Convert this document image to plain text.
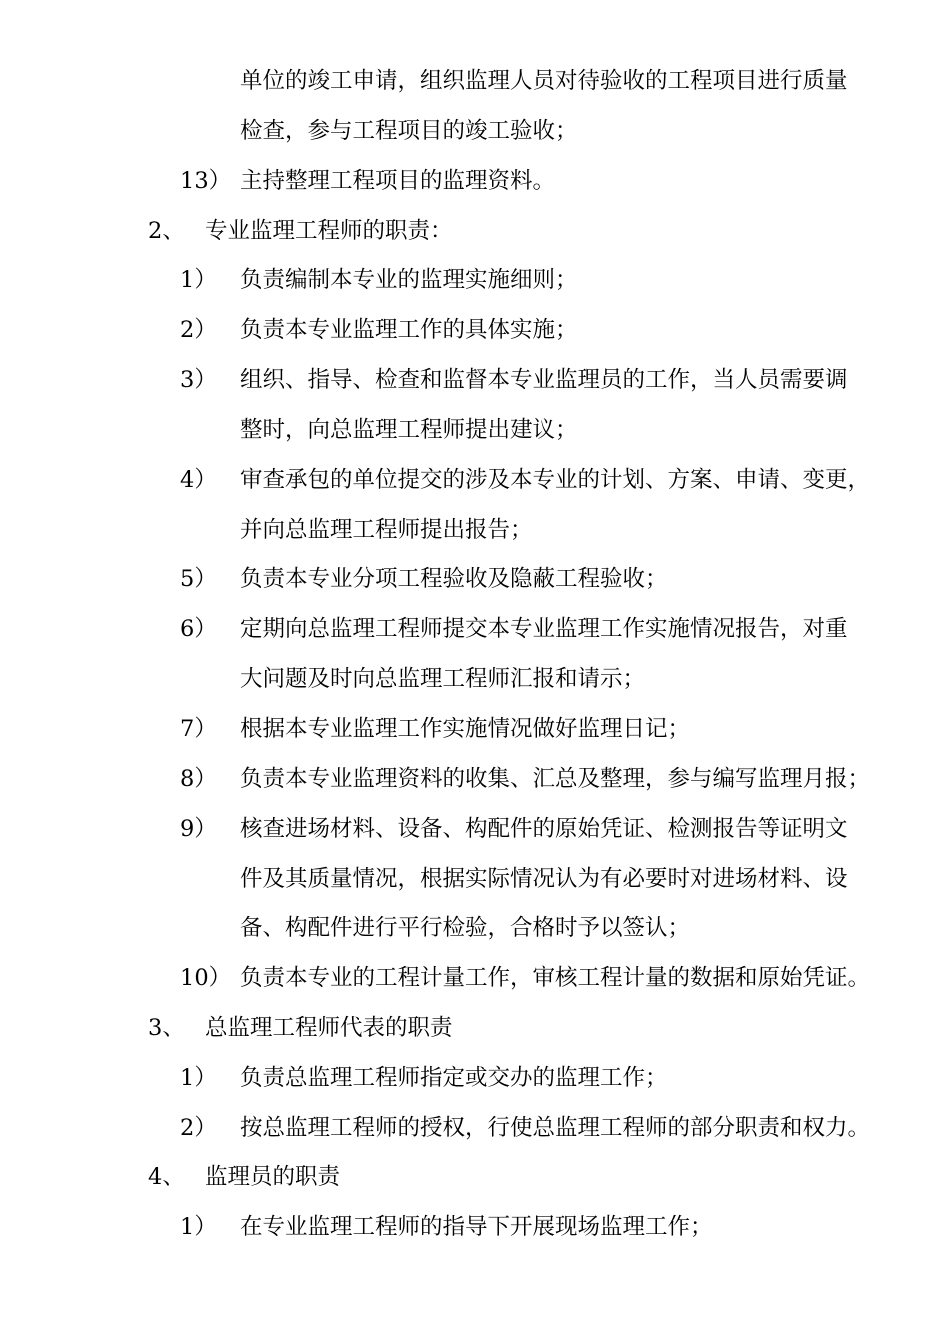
单位的竣工申请，组织监理人员对待验收的工程项目进行质量
检查，参与工程项目的竣工验收；
13） 主持整理工程项目的监理资料。
2、 专业监理工程师的职责：
1） 负责编制本专业的监理实施细则；
2） 负责本专业监理工作的具体实施；
3） 组织、指导、检查和监督本专业监理员的工作，当人员需要调
整时，向总监理工程师提出建议；
4） 审查承包的单位提交的涉及本专业的计划、方案、申请、变更，
并向总监理工程师提出报告；
5） 负责本专业分项工程验收及隐蔽工程验收；
6） 定期向总监理工程师提交本专业监理工作实施情况报告，对重
大问题及时向总监理工程师汇报和请示；
7） 根据本专业监理工作实施情况做好监理日记；
8） 负责本专业监理资料的收集、汇总及整理，参与编写监理月报；
9） 核查进场材料、设备、构配件的原始凭证、检测报告等证明文
件及其质量情况，根据实际情况认为有必要时对进场材料、设
备、构配件进行平行检验，合格时予以签认；
10） 负责本专业的工程计量工作，审核工程计量的数据和原始凭证。
3、 总监理工程师代表的职责
1） 负责总监理工程师指定或交办的监理工作；
2） 按总监理工程师的授权，行使总监理工程师的部分职责和权力。
4、 监理员的职责
1） 在专业监理工程师的指导下开展现场监理工作；
